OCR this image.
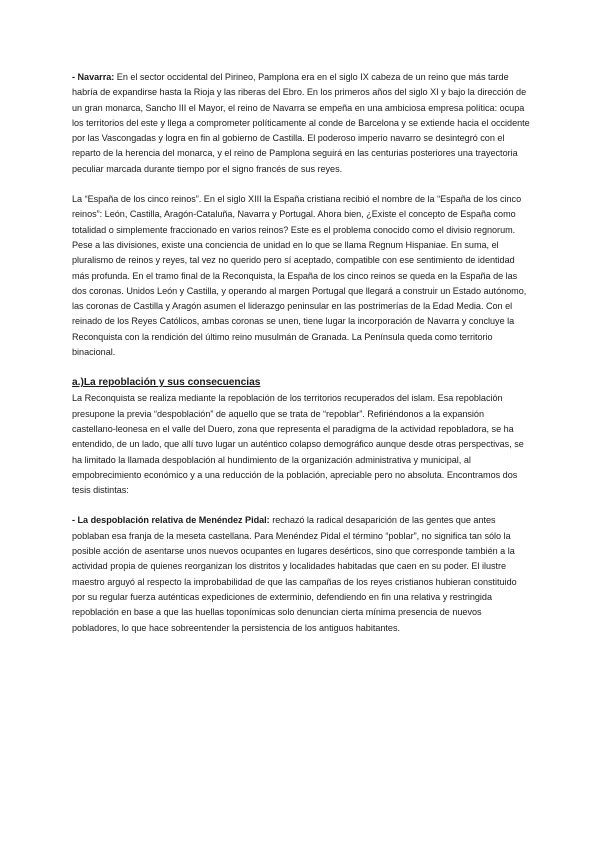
- Navarra: En el sector occidental del Pirineo, Pamplona era en el siglo IX cabeza de un reino que más tarde habría de expandirse hasta la Rioja y las riberas del Ebro. En los primeros años del siglo XI y bajo la dirección de un gran monarca, Sancho III el Mayor, el reino de Navarra se empeña en una ambiciosa empresa política: ocupa los territorios del este y llega a comprometer políticamente al conde de Barcelona y se extiende hacia el occidente por las Vascongadas y logra en fin al gobierno de Castilla. El poderoso imperio navarro se desintegró con el reparto de la herencia del monarca, y el reino de Pamplona seguirá en las centurias posteriores una trayectoria peculiar marcada durante tiempo por el signo francés de sus reyes.

La “España de los cinco reinos”. En el siglo XIII la España cristiana recibió el nombre de la “España de los cinco reinos”: León, Castilla, Aragón-Cataluña, Navarra y Portugal. Ahora bien, ¿Existe el concepto de España como totalidad o simplemente fraccionado en varios reinos? Este es el problema conocido como el divisio regnorum. Pese a las divisiones, existe una conciencia de unidad en lo que se llama Regnum Hispaniae. En suma, el pluralismo de reinos y reyes, tal vez no querido pero sí aceptado, compatible con ese sentimiento de identidad más profunda. En el tramo final de la Reconquista, la España de los cinco reinos se queda en la España de las dos coronas. Unidos León y Castilla, y operando al margen Portugal que llegará a construir un Estado autónomo, las coronas de Castilla y Aragón asumen el liderazgo peninsular en las postrimerías de la Edad Media. Con el reinado de los Reyes Católicos, ambas coronas se unen, tiene lugar la incorporación de Navarra y concluye la Reconquista con la rendición del último reino musulmán de Granada. La Península queda como territorio binacional.

a.)La repoblación y sus consecuencias

La Reconquista se realiza mediante la repoblación de los territorios recuperados del islam. Esa repoblación presupone la previa “despoblación” de aquello que se trata de “repoblar”. Refiriéndonos a la expansión castellano-leonesa en el valle del Duero, zona que representa el paradigma de la actividad repobladora, se ha entendido, de un lado, que allí tuvo lugar un auténtico colapso demográfico aunque desde otras perspectivas, se ha limitado la llamada despoblación al hundimiento de la organización administrativa y municipal, al empobrecimiento económico y a una reducción de la población, apreciable pero no absoluta. Encontramos dos tesis distintas:

- La despoblación relativa de Menéndez Pidal: rechazó la radical desaparición de las gentes que antes poblaban esa franja de la meseta castellana. Para Menéndez Pidal el término “poblar”, no significa tan sólo la posible acción de asentarse unos nuevos ocupantes en lugares desérticos, sino que corresponde también a la actividad propia de quienes reorganizan los distritos y localidades habitadas que caen en su poder. El ilustre maestro arguyó al respecto la improbabilidad de que las campañas de los reyes cristianos hubieran constituido por su regular fuerza auténticas expediciones de exterminio, defendiendo en fin una relativa y restringida repoblación en base a que las huellas toponímicas solo denuncian cierta mínima presencia de nuevos pobladores, lo que hace sobreentender la persistencia de los antiguos habitantes.
